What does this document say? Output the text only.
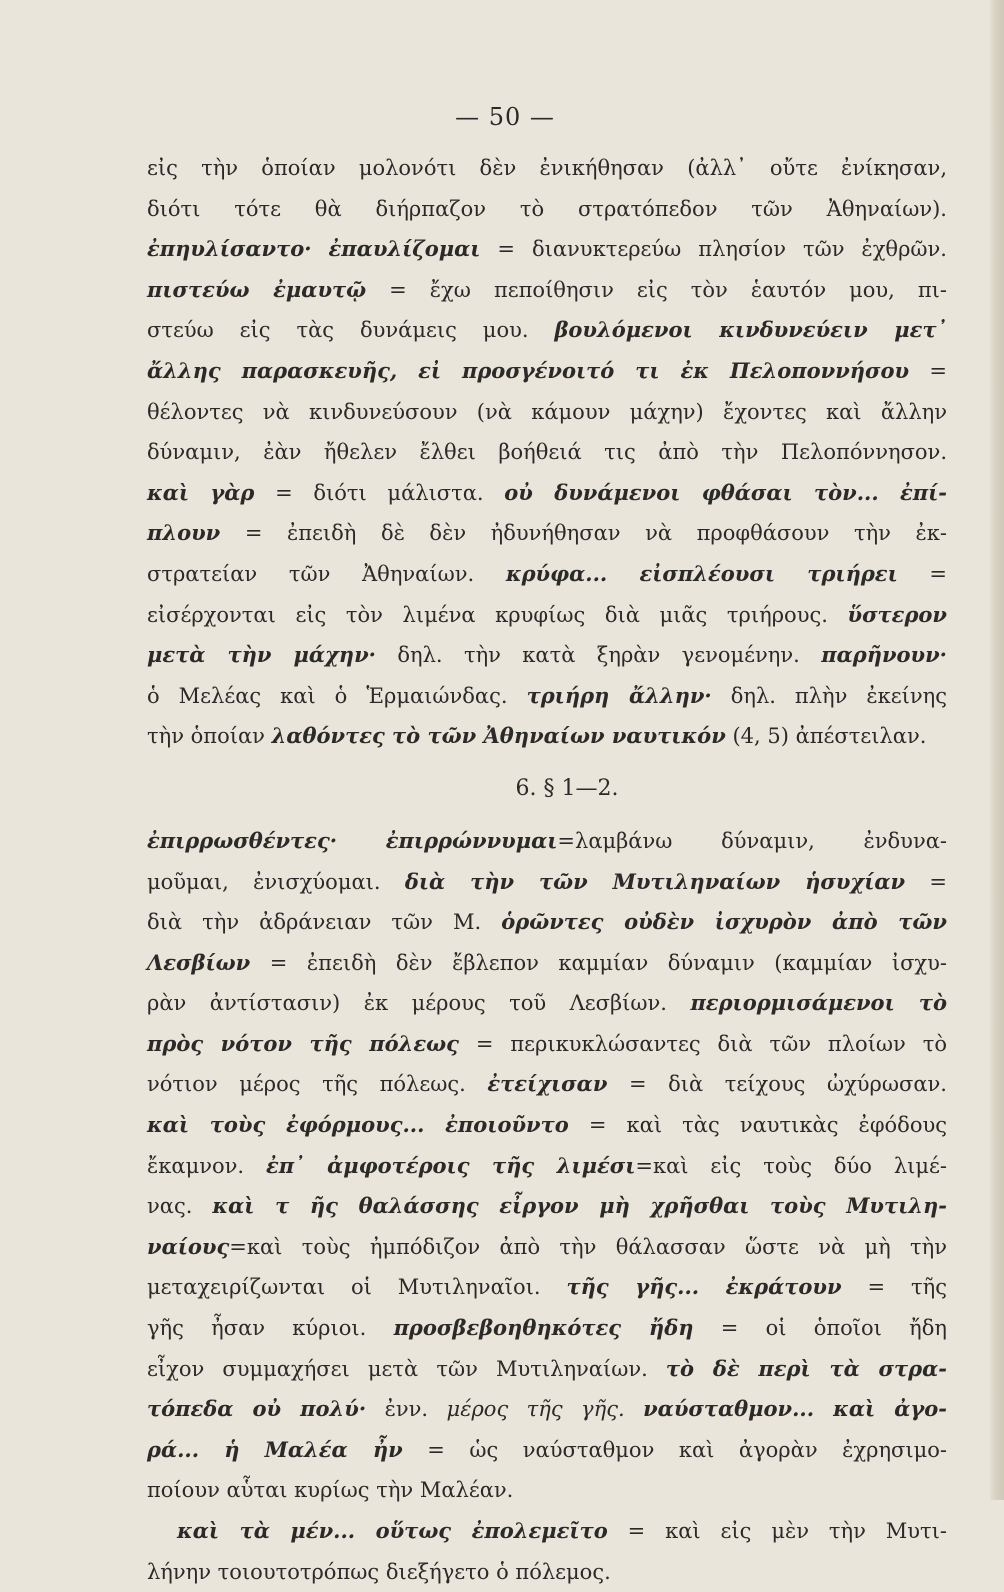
— 50 —
εἰς τὴν ὁποίαν μολονότι δὲν ἐνικήθησαν (ἀλλ᾽ οὔτε ἐνίκησαν,
διότι τότε θὰ διήρπαζον τὸ στρατόπεδον τῶν Ἀθηναίων).
ἐπηυλίσαντο· ἐπαυλίζομαι = διανυκτερεύω πλησίον τῶν ἐχθρῶν.
πιστεύω ἐμαυτῷ = ἔχω πεποίθησιν εἰς τὸν ἑαυτόν μου, πι-
στεύω εἰς τὰς δυνάμεις μου. βουλόμενοι κινδυνεύειν μετ᾽
ἄλλης παρασκευῆς, εἰ προσγένοιτό τι ἐκ Πελοποννήσου =
θέλοντες νὰ κινδυνεύσουν (νὰ κάμουν μάχην) ἔχοντες καὶ ἄλλην
δύναμιν, ἐὰν ἤθελεν ἔλθει βοήθειά τις ἀπὸ τὴν Πελοπόννησον.
καὶ γὰρ = διότι μάλιστα. οὐ δυνάμενοι φθάσαι τὸν... ἐπί-
πλουν = ἐπειδὴ δὲ δὲν ἠδυνήθησαν νὰ προφθάσουν τὴν ἐκ-
στρατείαν τῶν Ἀθηναίων. κρύφα... εἰσπλέουσι τριήρει =
εἰσέρχονται εἰς τὸν λιμένα κρυφίως διὰ μιᾶς τριήρους. ὕστερον
μετὰ τὴν μάχην· δηλ. τὴν κατὰ ξηρὰν γενομένην. παρῆνουν·
ὁ Μελέας καὶ ὁ Ἑρμαιώνδας. τριήρη ἄλλην· δηλ. πλὴν ἐκείνης
τὴν ὁποίαν λαθόντες τὸ τῶν Ἀθηναίων ναυτικόν (4, 5) ἀπέστειλαν.
6. § 1—2.
ἐπιρρωσθέντες· ἐπιρρώννυμαι=λαμβάνω δύναμιν, ἐνδυνα-
μοῦμαι, ἐνισχύομαι. διὰ τὴν τῶν Μυτιληναίων ἡσυχίαν =
διὰ τὴν ἀδράνειαν τῶν Μ. ὁρῶντες οὐδὲν ἰσχυρὸν ἀπὸ τῶν
Λεσβίων = ἐπειδὴ δὲν ἔβλεπον καμμίαν δύναμιν (καμμίαν ἰσχυ-
ρὰν ἀντίστασιν) ἐκ μέρους τοῦ Λεσβίων. περιορμισάμενοι τὸ
πρὸς νότον τῆς πόλεως = περικυκλώσαντες διὰ τῶν πλοίων τὸ
νότιον μέρος τῆς πόλεως. ἐτείχισαν = διὰ τείχους ὠχύρωσαν.
καὶ τοὺς ἐφόρμους... ἐποιοῦντο = καὶ τὰς ναυτικὰς ἐφόδους
ἔκαμνον. ἐπ᾽ ἀμφοτέροις τῆς λιμέσι=καὶ εἰς τοὺς δύο λιμέ-
νας. καὶ τ ῆς θαλάσσης εἶργον μὴ χρῆσθαι τοὺς Μυτιλη-
ναίους=καὶ τοὺς ἠμπόδιζον ἀπὸ τὴν θάλασσαν ὥστε νὰ μὴ τὴν
μεταχειρίζωνται οἱ Μυτιληναῖοι. τῆς γῆς... ἐκράτουν = τῆς
γῆς ἦσαν κύριοι. προσβεβοηθηκότες ἤδη = οἱ ὁποῖοι ἤδη
εἶχον συμμαχήσει μετὰ τῶν Μυτιληναίων. τὸ δὲ περὶ τὰ στρα-
τόπεδα οὐ πολύ· ἐνν. μέρος τῆς γῆς. ναύσταθμον... καὶ ἀγο-
ρά... ἡ Μαλέα ἦν = ὡς ναύσταθμον καὶ ἀγορὰν ἐχρησιμο-
ποίουν αὗται κυρίως τὴν Μαλέαν.
καὶ τὰ μέν... οὕτως ἐπολεμεῖτο = καὶ εἰς μὲν τὴν Μυτι-
λήνην τοιουτοτρόπως διεξήγετο ὁ πόλεμος.
